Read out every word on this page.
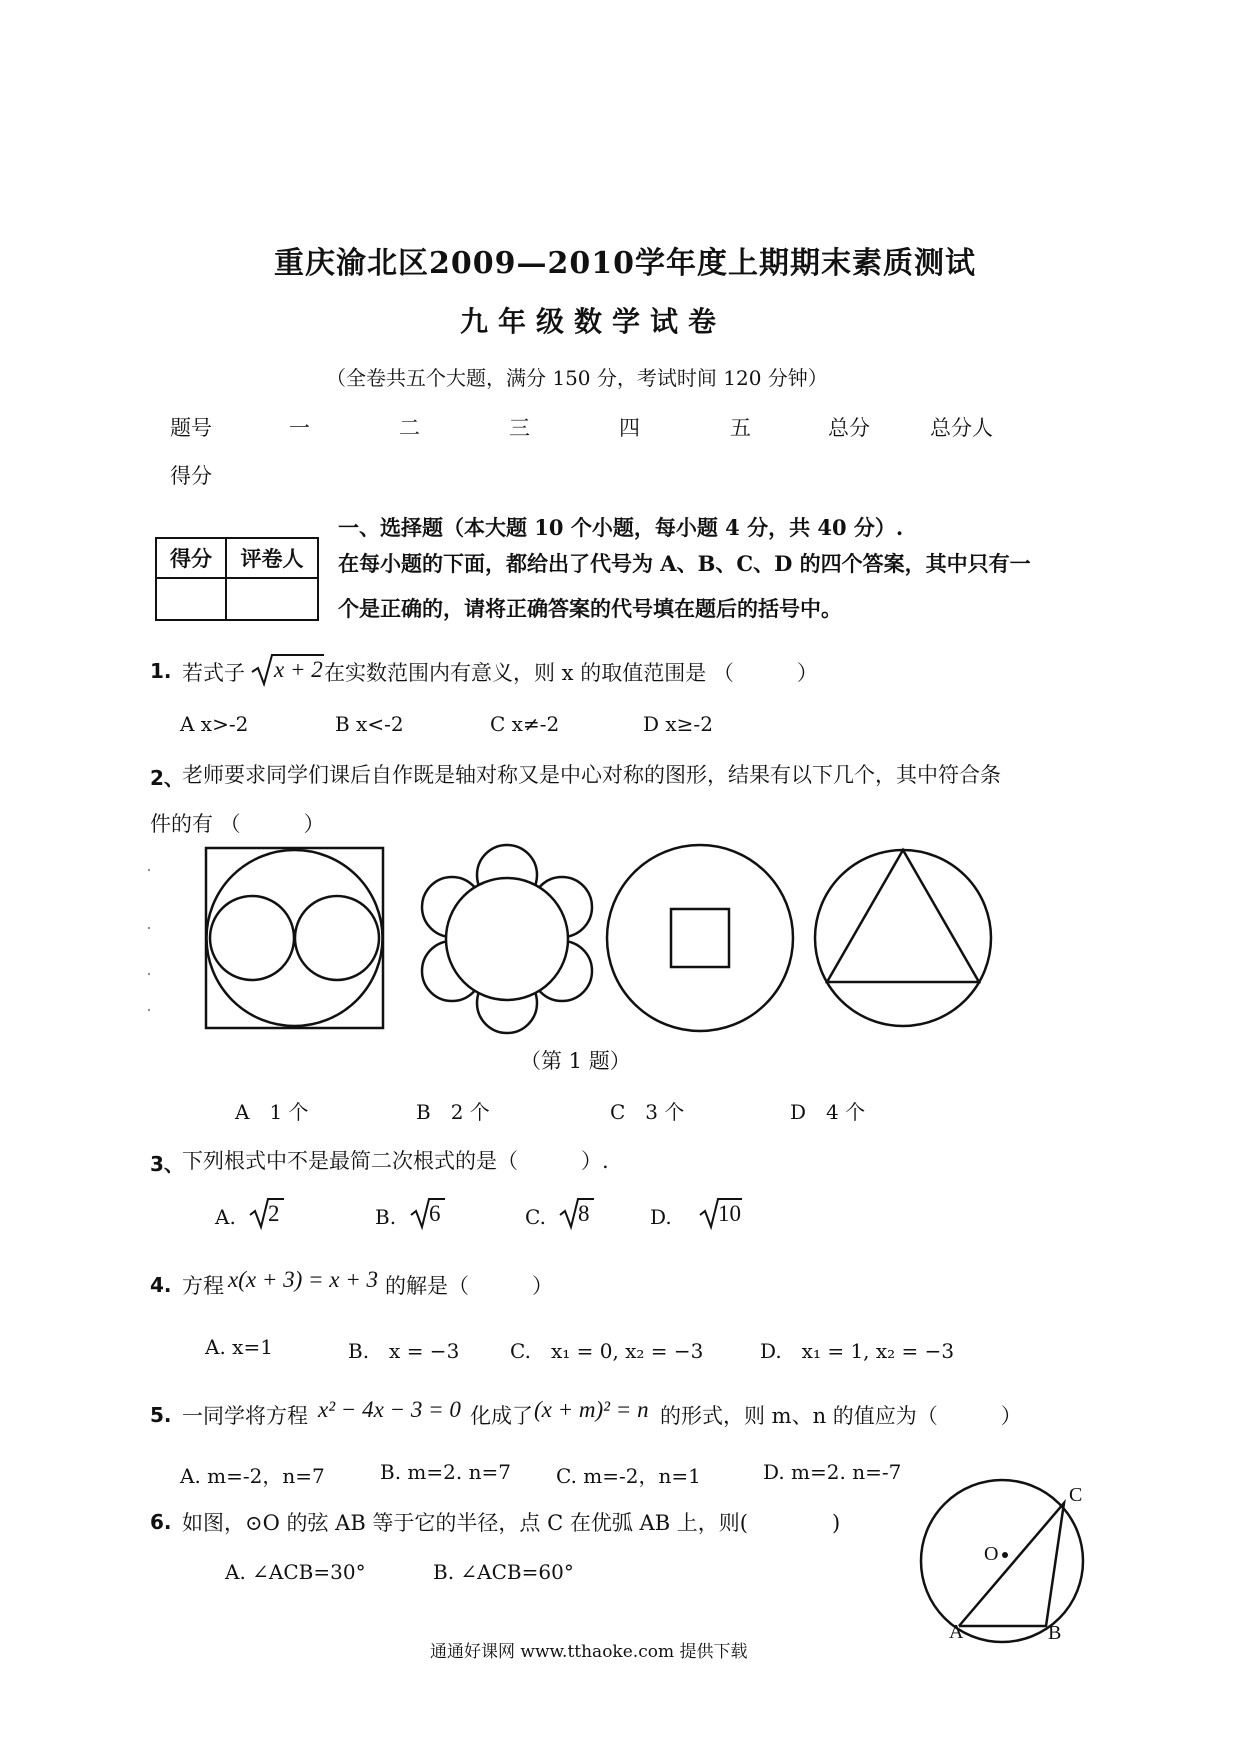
重庆渝北区2009—2010学年度上期期末素质测试
九年级数学试卷
（全卷共五个大题，满分 150 分，考试时间 120 分钟）
题号	一	二	三	四	五	总分	总分人
得分
一、选择题（本大题 10 个小题，每小题 4 分，共 40 分）.
得分	评卷人
	在每小题的下面，都给出了代号为 A、B、C、D 的四个答案，其中只有一
个是正确的，请将正确答案的代号填在题后的括号中。
1. 若式子 x + 2 在实数范围内有意义，则 x 的取值范围是 （　　　）
A x>-2	B x<-2	C x≠-2	D x≥-2
2、
老师要求同学们课后自作既是轴对称又是中心对称的图形，结果有以下几个，其中符合条
件的有 （　　　）
（第 1 题）
A　1 个	B　2 个	C　3 个	D　4 个
3、
下列根式中不是最简二次根式的是（　　　）.
A. 2	B. 6	C. 8	D. 10
4. 方程 x(x + 3) = x + 3 的解是（　　　）
A. x=1	B.　x = −3	C.　x₁ = 0, x₂ = −3	D.　x₁ = 1, x₂ = −3
5. 一同学将方程 x² − 4x − 3 = 0 化成了 (x + m)² = n 的形式，则 m、n 的值应为（　　　）
A. m=-2，n=7	B. m=2. n=7 C. m=-2，n=1	D. m=2. n=-7
6. 如图，⊙O 的弦 AB 等于它的半径，点 C 在优弧 AB 上，则(　　　　)
A. ∠ACB=30°	B. ∠ACB=60°
C
O
A	B
通通好课网 www.tthaoke.com 提供下载
